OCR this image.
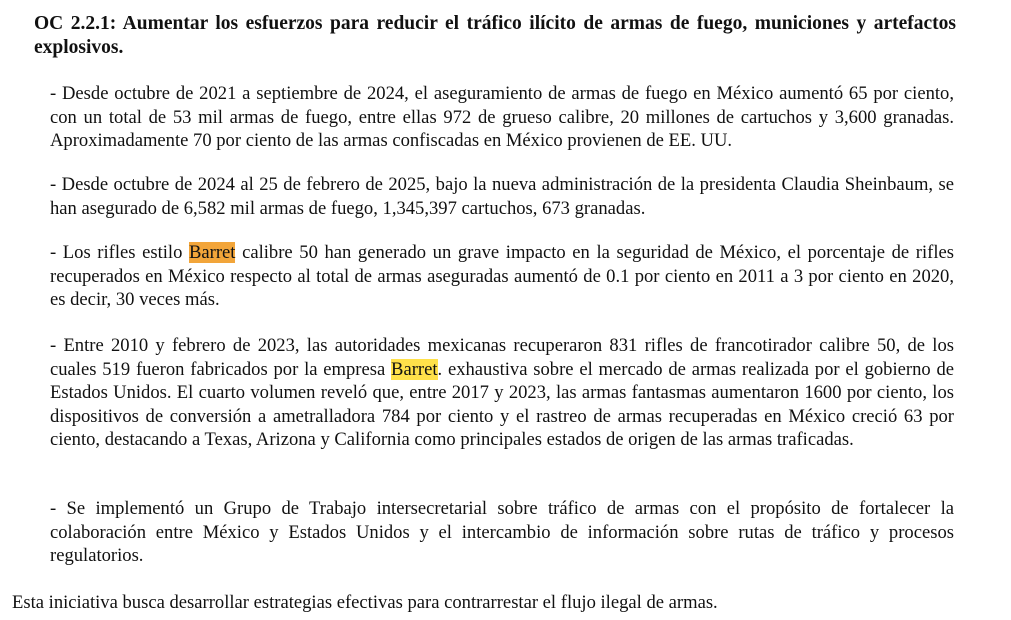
OC 2.2.1: Aumentar los esfuerzos para reducir el tráfico ilícito de armas de fuego, municiones y artefactos explosivos.

- Desde octubre de 2021 a septiembre de 2024, el aseguramiento de armas de fuego en México aumentó 65 por ciento, con un total de 53 mil armas de fuego, entre ellas 972 de grueso calibre, 20 millones de cartuchos y 3,600 granadas. Aproximadamente 70 por ciento de las armas confiscadas en México provienen de EE. UU.

- Desde octubre de 2024 al 25 de febrero de 2025, bajo la nueva administración de la presidenta Claudia Sheinbaum, se han asegurado de 6,582 mil armas de fuego, 1,345,397 cartuchos, 673 granadas.

- Los rifles estilo Barret calibre 50 han generado un grave impacto en la seguridad de México, el porcentaje de rifles recuperados en México respecto al total de armas aseguradas aumentó de 0.1 por ciento en 2011 a 3 por ciento en 2020, es decir, 30 veces más.

- Entre 2010 y febrero de 2023, las autoridades mexicanas recuperaron 831 rifles de francotirador calibre 50, de los cuales 519 fueron fabricados por la empresa Barret. exhaustiva sobre el mercado de armas realizada por el gobierno de Estados Unidos. El cuarto volumen reveló que, entre 2017 y 2023, las armas fantasmas aumentaron 1600 por ciento, los dispositivos de conversión a ametralladora 784 por ciento y el rastreo de armas recuperadas en México creció 63 por ciento, destacando a Texas, Arizona y California como principales estados de origen de las armas traficadas.

- Se implementó un Grupo de Trabajo intersecretarial sobre tráfico de armas con el propósito de fortalecer la colaboración entre México y Estados Unidos y el intercambio de información sobre rutas de tráfico y procesos regulatorios.

Esta iniciativa busca desarrollar estrategias efectivas para contrarrestar el flujo ilegal de armas.
